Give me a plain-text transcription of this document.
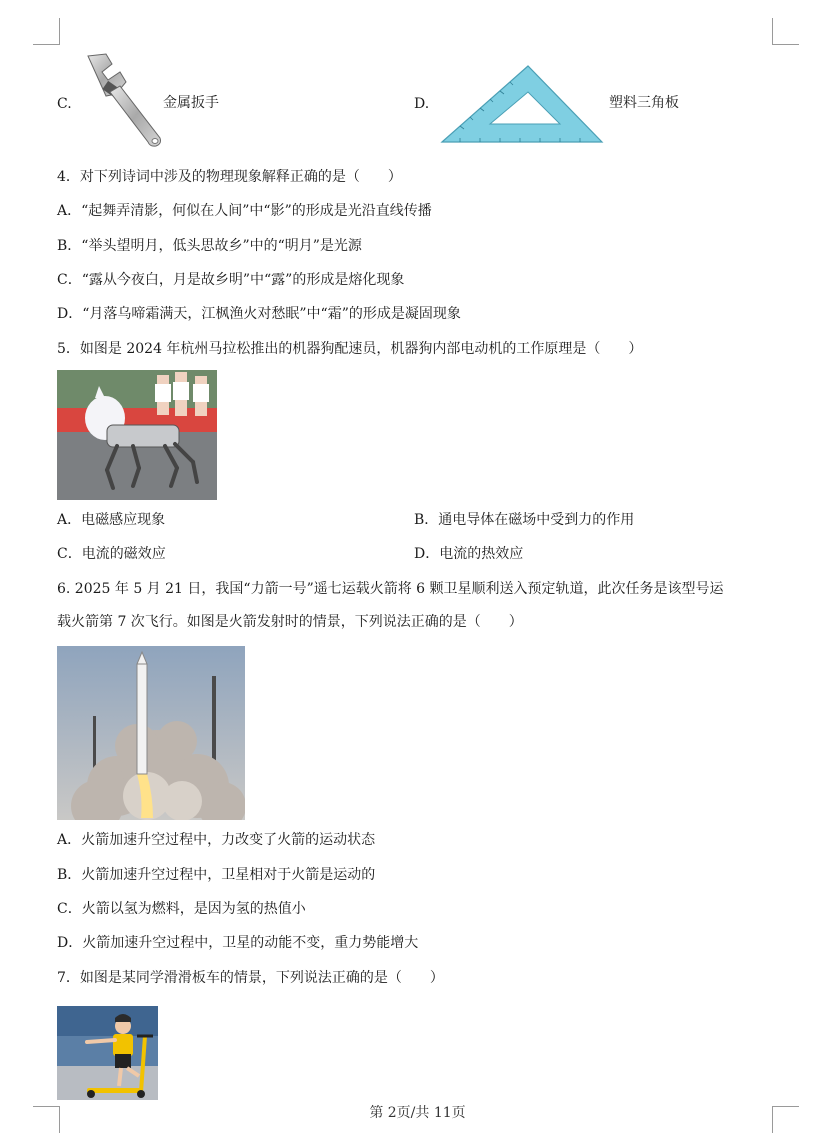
C.	金属扳手	D.	塑料三角板
4．对下列诗词中涉及的物理现象解释正确的是（　　）
A．“起舞弄清影，何似在人间”中“影”的形成是光沿直线传播
B．“举头望明月，低头思故乡”中的“明月”是光源
C．“露从今夜白，月是故乡明”中“露”的形成是熔化现象
D．“月落乌啼霜满天，江枫渔火对愁眠”中“霜”的形成是凝固现象
5．如图是 2024 年杭州马拉松推出的机器狗配速员，机器狗内部电动机的工作原理是（　　）
A．电磁感应现象	B．通电导体在磁场中受到力的作用
C．电流的磁效应	D．电流的热效应
6. 2025 年 5 月 21 日，我国“力箭一号”遥七运载火箭将 6 颗卫星顺利送入预定轨道，此次任务是该型号运
载火箭第 7 次飞行。如图是火箭发射时的情景，下列说法正确的是（　　）
A．火箭加速升空过程中，力改变了火箭的运动状态
B．火箭加速升空过程中，卫星相对于火箭是运动的
C．火箭以氢为燃料，是因为氢的热值小
D．火箭加速升空过程中，卫星的动能不变，重力势能增大
7．如图是某同学滑滑板车的情景，下列说法正确的是（　　）
第 2页/共 11页
